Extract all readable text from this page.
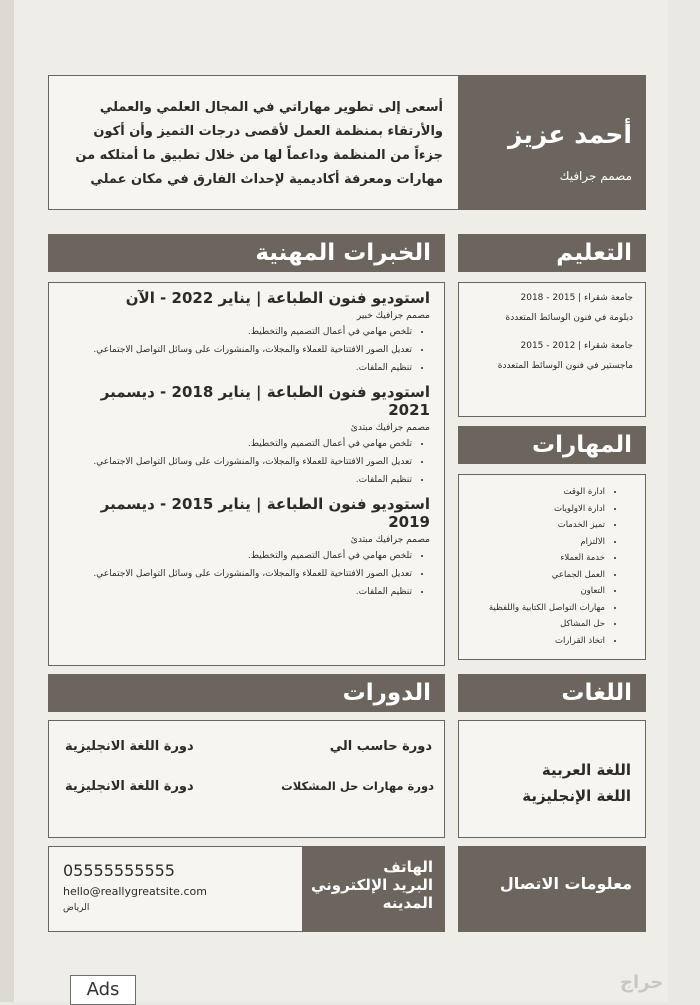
أسعى إلى تطوير مهاراتي في المجال العلمي والعملي والأرتقاء بمنظمة العمل لأقصى درجات التميز وأن أكون جزءاً من المنظمة وداعماً لها من خلال تطبيق ما أمتلكه من مهارات ومعرفة أكاديمية لإحداث الفارق في مكان عملي
أحمد عزيز
مصمم جرافيك
الخبرات المهنية

استوديو فنون الطباعة | يناير 2022 - الآن

مصمم جرافيك خبير

• تلخص مهامي في أعمال التصميم والتخطيط.
• تعديل الصور الافتتاحية للعملاء والمجلات، والمنشورات على وسائل التواصل الاجتماعي.
• تنظيم الملفات.

استوديو فنون الطباعة | يناير 2018 - ديسمبر 2021

مصمم جرافيك مبتدئ

• تلخص مهامي في أعمال التصميم والتخطيط.
• تعديل الصور الافتتاحية للعملاء والمجلات، والمنشورات على وسائل التواصل الاجتماعي.
• تنظيم الملفات.

استوديو فنون الطباعة | يناير 2015 - ديسمبر 2019

مصمم جرافيك مبتدئ

• تلخص مهامي في أعمال التصميم والتخطيط.
• تعديل الصور الافتتاحية للعملاء والمجلات، والمنشورات على وسائل التواصل الاجتماعي.
• تنظيم الملفات.
التعليم

جامعة شقراء | 2015 - 2018

دبلومة في فنون الوسائط المتعددة

جامعة شقراء | 2012 - 2015

ماجستير في فنون الوسائط المتعددة

المهارات
• ادارة الوقت
• ادارة الاولويات
• تميز الخدمات
• الالتزام
• خدمة العملاء
• العمل الجماعي
• التعاون
• مهارات التواصل الكتابية واللفظية
• حل المشاكل
• اتخاذ القرارات
الدورات
دورة حاسب الي
دورة اللغة الانجليزية
دورة مهارات حل المشكلات
دورة اللغة الانجليزية
اللغات
اللغة العربية
اللغة الإنجليزية
05555555555
hello@reallygreatsite.com
الرياض
الهاتف
البريد الإلكتروني
المدينه
معلومات الاتصال
Ads	حراج
